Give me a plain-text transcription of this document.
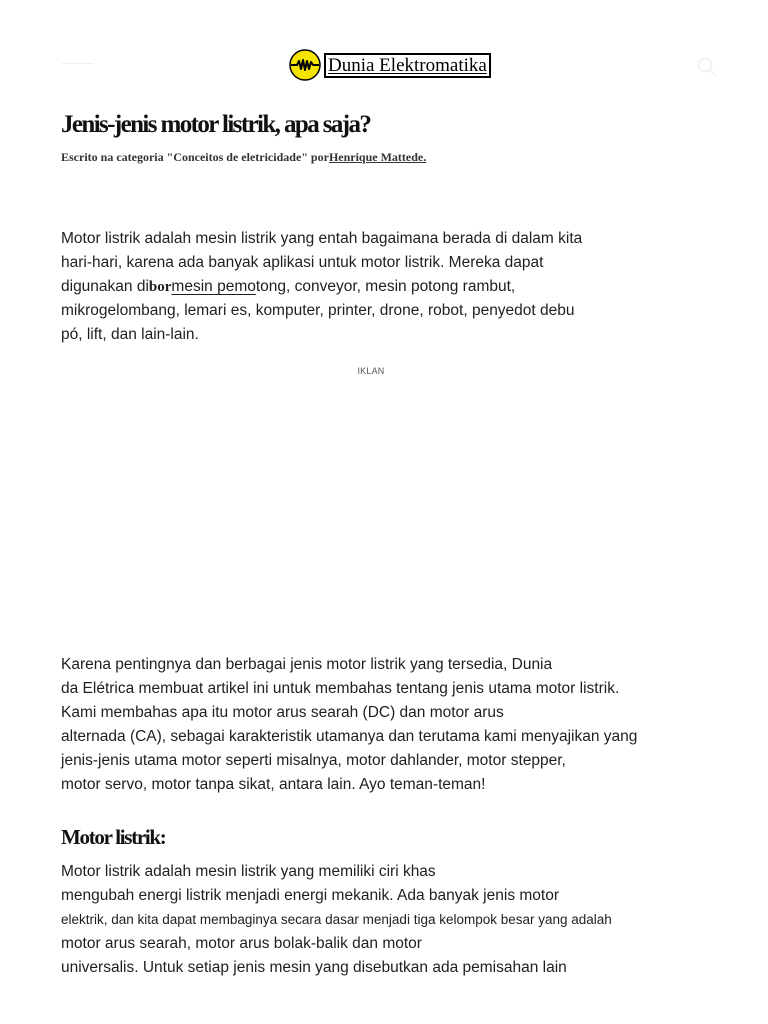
Dunia Elektromatika
Jenis-jenis motor listrik, apa saja?
Escrito na categoria "Conceitos de eletricidade" porHenrique Mattede.

Motor listrik adalah mesin listrik yang entah bagaimana berada di dalam kita
hari-hari, karena ada banyak aplikasi untuk motor listrik. Mereka dapat
digunakan dibormesin pemotong, conveyor, mesin potong rambut,
mikrogelombang, lemari es, komputer, printer, drone, robot, penyedot debu
pó, lift, dan lain-lain.

IKLAN

Karena pentingnya dan berbagai jenis motor listrik yang tersedia, Dunia
da Elétrica membuat artikel ini untuk membahas tentang jenis utama motor listrik.
Kami membahas apa itu motor arus searah (DC) dan motor arus
alternada (CA), sebagai karakteristik utamanya dan terutama kami menyajikan yang
jenis-jenis utama motor seperti misalnya, motor dahlander, motor stepper,
motor servo, motor tanpa sikat, antara lain. Ayo teman-teman!

Motor listrik:

Motor listrik adalah mesin listrik yang memiliki ciri khas
mengubah energi listrik menjadi energi mekanik. Ada banyak jenis motor
elektrik, dan kita dapat membaginya secara dasar menjadi tiga kelompok besar yang adalah
motor arus searah, motor arus bolak-balik dan motor
universalis. Untuk setiap jenis mesin yang disebutkan ada pemisahan lain
